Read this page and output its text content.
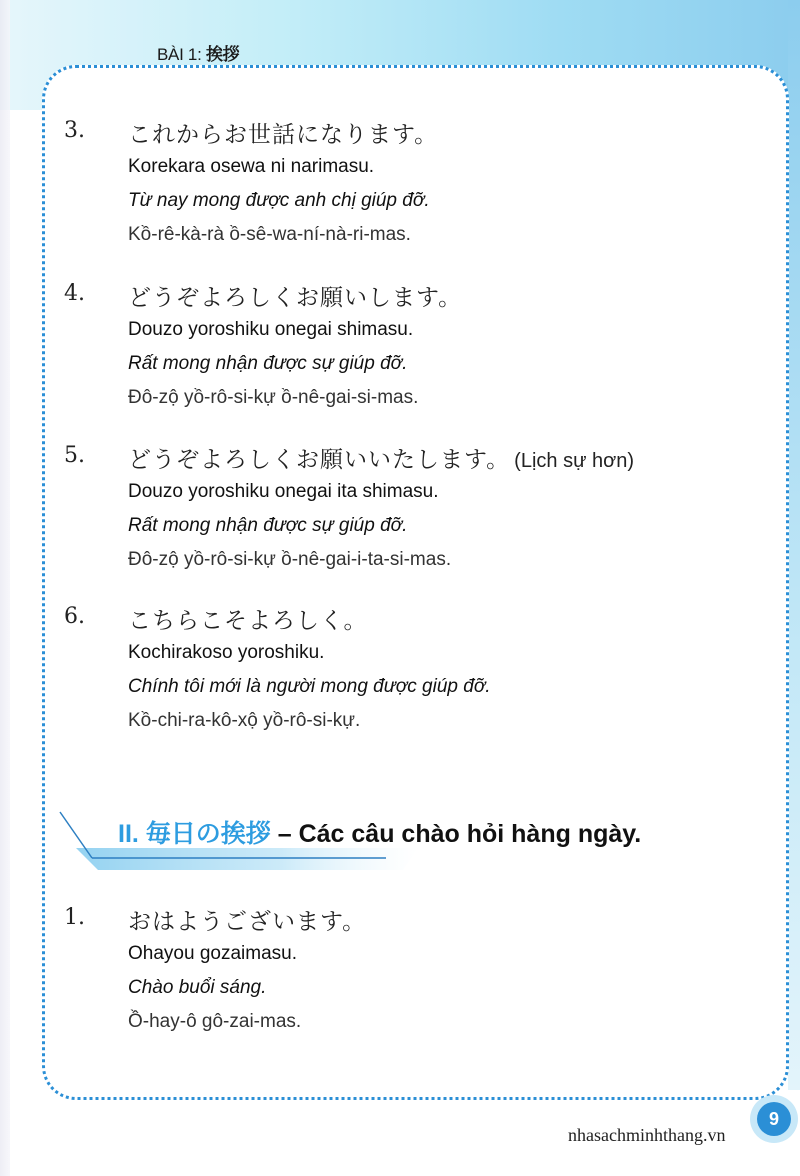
BÀI 1: 挨拶
3. これからお世話になります。
Korekara osewa ni narimasu.
Từ nay mong được anh chị giúp đỡ.
Kồ-rê-kà-rà ồ-sê-wa-ní-nà-ri-mas.
4. どうぞよろしくお願いします。
Douzo yoroshiku onegai shimasu.
Rất mong nhận được sự giúp đỡ.
Đô-zộ yồ-rô-si-kự ồ-nê-gai-si-mas.
5. どうぞよろしくお願いいたします。 (Lịch sự hơn)
Douzo yoroshiku onegai ita shimasu.
Rất mong nhận được sự giúp đỡ.
Đô-zộ yồ-rô-si-kự ồ-nê-gai-i-ta-si-mas.
6. こちらこそよろしく。
Kochirakoso yoroshiku.
Chính tôi mới là người mong được giúp đỡ.
Kồ-chi-ra-kô-xộ yồ-rô-si-kự.
II. 毎日の挨拶 – Các câu chào hỏi hàng ngày.
1. おはようございます。
Ohayou gozaimasu.
Chào buổi sáng.
Ồ-hay-ô gô-zai-mas.
nhasachminhthang.vn
9
